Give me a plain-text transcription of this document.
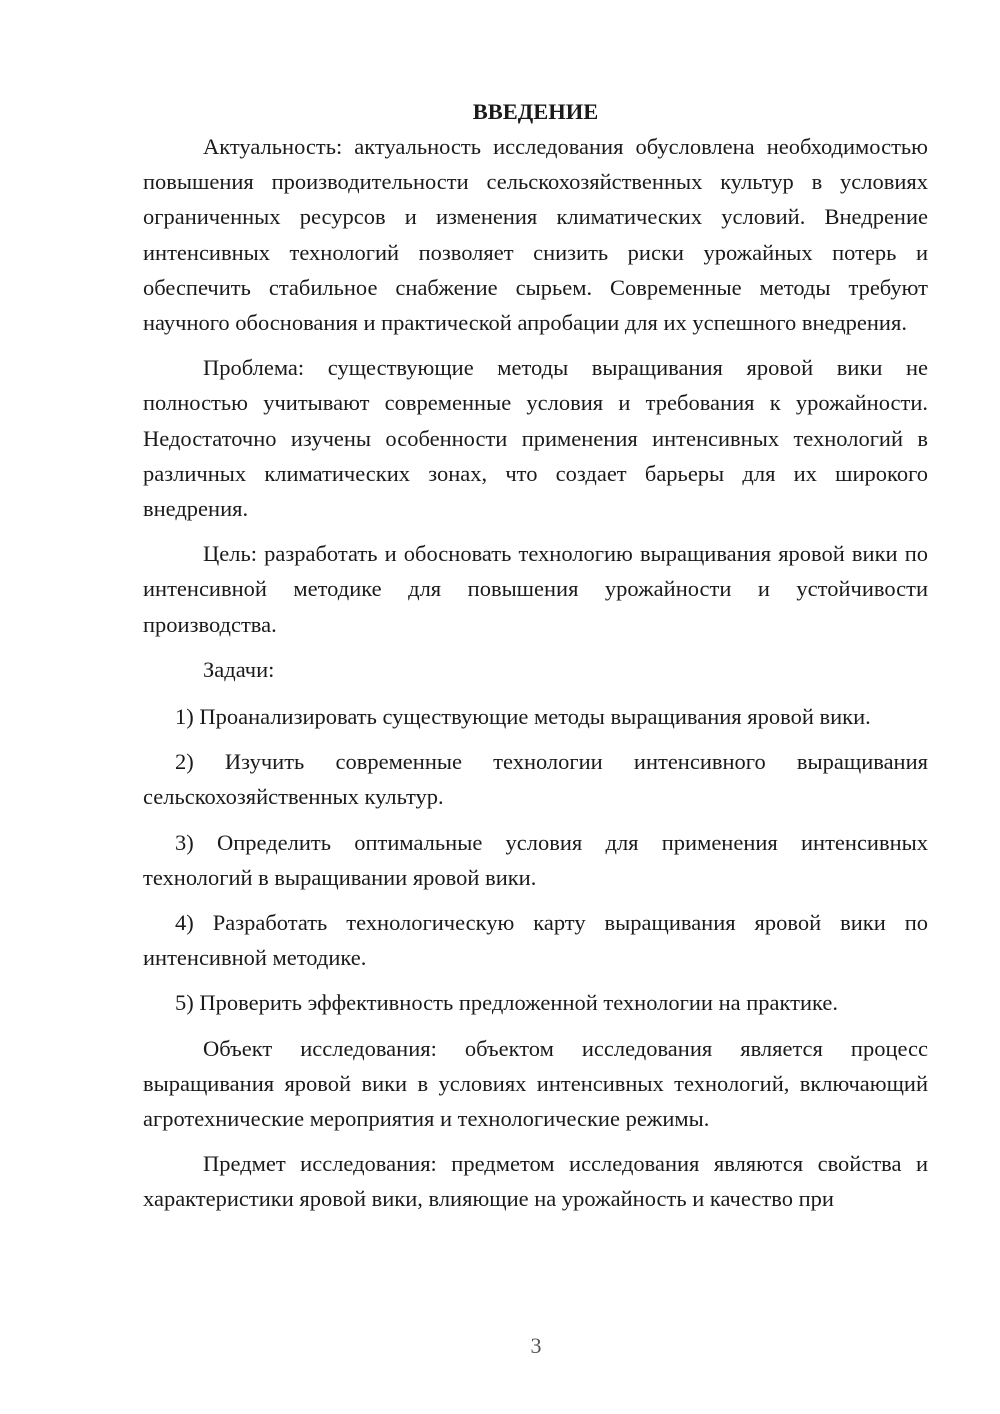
ВВЕДЕНИЕ

Актуальность: актуальность исследования обусловлена необходимостью повышения производительности сельскохозяйственных культур в условиях ограниченных ресурсов и изменения климатических условий. Внедрение интенсивных технологий позволяет снизить риски урожайных потерь и обеспечить стабильное снабжение сырьем. Современные методы требуют научного обоснования и практической апробации для их успешного внедрения.

Проблема: существующие методы выращивания яровой вики не полностью учитывают современные условия и требования к урожайности. Недостаточно изучены особенности применения интенсивных технологий в различных климатических зонах, что создает барьеры для их широкого внедрения.

Цель: разработать и обосновать технологию выращивания яровой вики по интенсивной методике для повышения урожайности и устойчивости производства.

Задачи:

1) Проанализировать существующие методы выращивания яровой вики.

2) Изучить современные технологии интенсивного выращивания сельскохозяйственных культур.

3) Определить оптимальные условия для применения интенсивных технологий в выращивании яровой вики.

4) Разработать технологическую карту выращивания яровой вики по интенсивной методике.

5) Проверить эффективность предложенной технологии на практике.

Объект исследования: объектом исследования является процесс выращивания яровой вики в условиях интенсивных технологий, включающий агротехнические мероприятия и технологические режимы.

Предмет исследования: предметом исследования являются свойства и характеристики яровой вики, влияющие на урожайность и качество при

3
